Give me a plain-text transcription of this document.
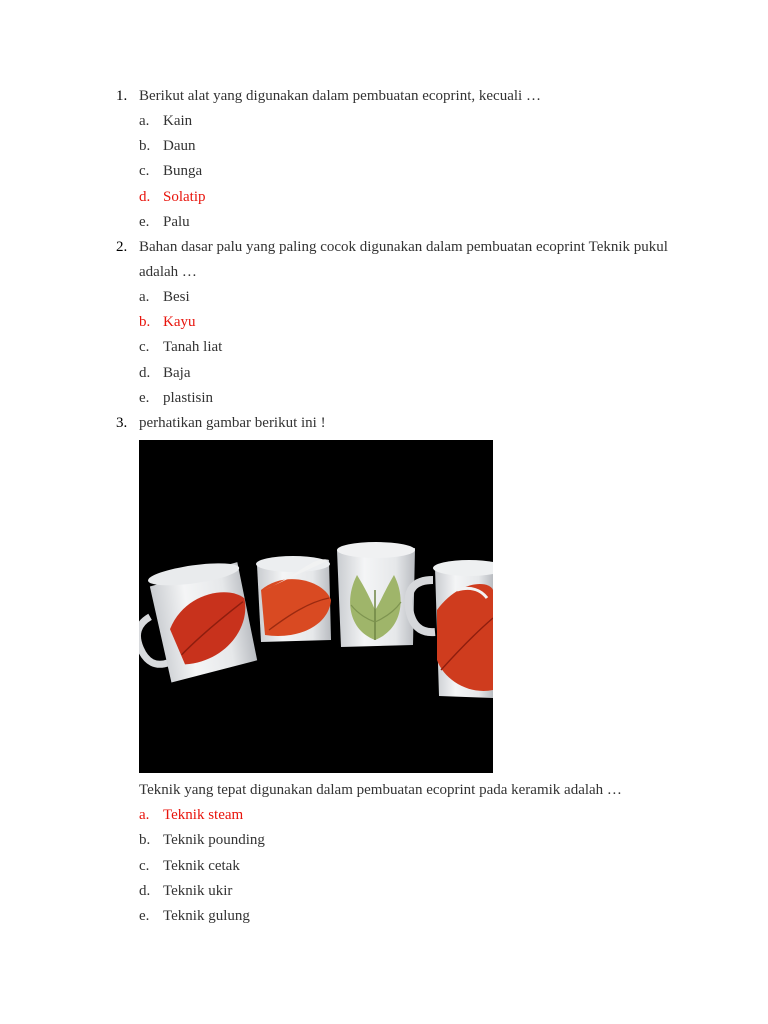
1. Berikut alat yang digunakan dalam pembuatan ecoprint, kecuali …
a. Kain
b. Daun
c. Bunga
d. Solatip
e. Palu
2. Bahan dasar palu yang paling cocok digunakan dalam pembuatan ecoprint Teknik pukul adalah …
a. Besi
b. Kayu
c. Tanah liat
d. Baja
e. plastisin
3. perhatikan gambar berikut ini !
Teknik yang tepat digunakan dalam pembuatan ecoprint pada keramik adalah …
a. Teknik steam
b. Teknik pounding
c. Teknik cetak
d. Teknik ukir
e. Teknik gulung
